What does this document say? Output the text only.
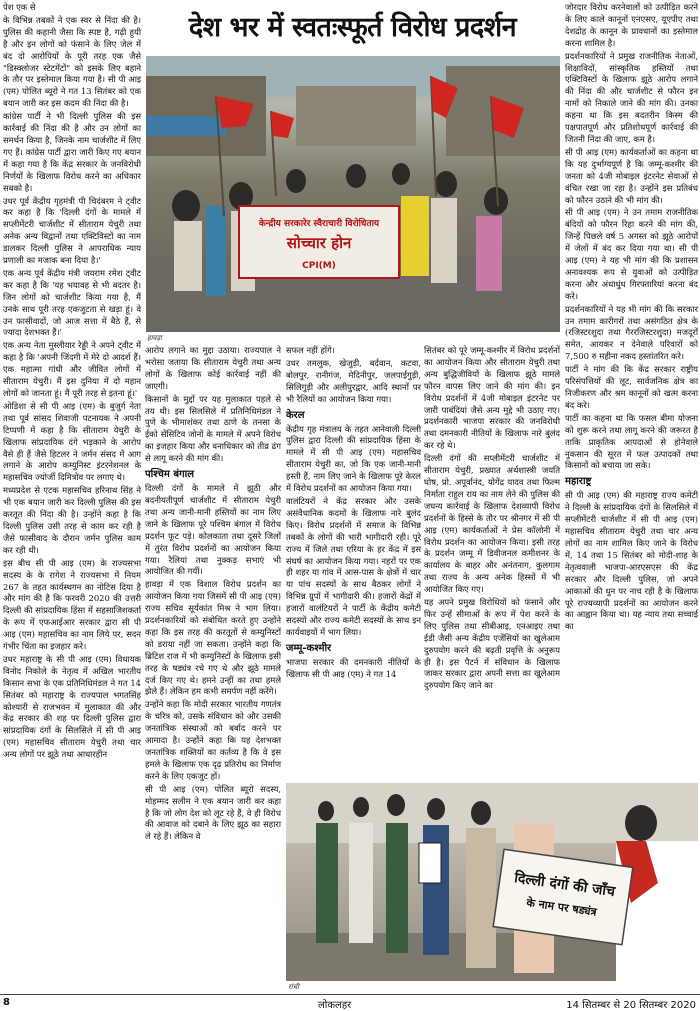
पेश एक से

के विभिन्न तबकों ने एक स्वर से निंदा की है। पुलिस की कहानी जैसा कि स्पष्ट है, गढ़ी हुयी है और इन लोगों को फंसाने के लिए जेल में बंद दो आरोपियों के पूरी तरह एक जैसे "डिस्क्लोजर स्टेटमेंटों" को इसके लिए बहाने के तौर पर इस्तेमाल किया गया है। सी पी आइ (एम) पोलित ब्यूरो ने गत 13 सितंबर को एक बयान जारी कर इस कदम की निंदा की है।

कांग्रेस पार्टी ने भी दिल्ली पुलिस की इस कार्रवाई की निंदा की है और उन लोगों का समर्थन किया है, जिनके नाम चार्जशीट में लिए गए हैं। कांग्रेस पार्टी द्वारा जारी किए गए बयान में कहा गया है कि केंद्र सरकार के जनविरोधी निर्णयों के खिलाफ विरोध करने का अधिकार सबको है।

उधर पूर्व केंद्रीय गृहमंत्री पी चिदंबरम ने ट्वीट कर कहा है कि 'दिल्ली दंगों के मामले में सप्लीमेंटरी चार्जशीट में सीताराम येचुरी तथा अनेक अन्य विद्वानों तथा एक्टिविस्टों का नाम डालकर दिल्ली पुलिस ने आपराधिक न्याय प्रणाली का मजाक बना दिया है।'

एक अन्य पूर्व केंद्रीय मंत्री जयराम रमेश ट्वीट कर कहा है कि 'यह भयावह से भी बदतर है। जिन लोगों को चार्जशीट किया गया है, मैं उनके साथ पूरी तरह एकजुटता से खड़ा हूं। वे उन फासीवादों, जो आज सत्ता में बैठे हैं, से ज्यादा देशभक्त हैं।'

एक अन्य नेता मुस्लीयार रेड्डी ने अपने ट्वीट में कहा है कि 'अपनी जिंदगी में मेरे दो आदर्श हैं। एक महात्मा गांधी और जीवित लोगों में सीताराम येचुरी। मैं इस दुनिया में दो महान लोगों को जानता हूं। मैं पूरी तरह से इतना हूं।'

ओडिशा से सी पी आइ (एम) के बुजुर्ग नेता तथा पूर्व सांसद शिवाजी पटनायक ने अपनी टिप्पणी में कहा है कि सीताराम येचुरी के खिलाफ सांप्रदायिक दंगे भड़काने के आरोप वैसे ही हैं जैसे हिटलर ने जर्मन संसद में आग लगाने के आरोप कम्युनिस्ट इंटरनेशनल के महासचिव ज्योर्जी दिमित्रोव पर लगाए थे।

मध्यप्रदेश से एटक महासचिव हरिनाथ सिंह ने भी एक बयान जारी कर दिल्ली पुलिस की इस करतूत की निंदा की है। उन्होंने कहा है कि दिल्ली पुलिस उसी तरह से काम कर रही है जैसे फासीवाद के दौरान जर्मन पुलिस काम कर रही थी।

इस बीच सी पी आइ (एम) के राज्यसभा सदस्य के के रागेश ने राज्यसभा में नियम 267 के तहत कार्यस्थगन का नोटिस दिया है और मांग की है कि फरवरी 2020 की उत्तरी दिल्ली की सांप्रदायिक हिंसा में सहसाजिशकर्ता के रूप में एफआईआर सरकार द्वारा सी पी आइ (एम) महासचिव का नाम लिये पर, सदन गंभीर चिंता का इजहार करे।

उधर महाराष्ट्र के सी पी आइ (एम) विधायक विनोद निकोले के नेतृत्व में अखिल भारतीय किसान सभा के एक प्रतिनिधिमंडल ने गत 14 सितंबर को महाराष्ट्र के राज्यपाल भगतसिंह कोश्यारी से राजभवन में मुलाकात की और केंद्र सरकार की शह पर दिल्ली पुलिस द्वारा सांप्रदायिक दंगों के सिलसिले में सी पी आइ (एम) महासचिव सीताराम येचुरी तथा चार अन्य लोगों पर झूठे तथा आधारहीन

देश भर में स्वतःस्फूर्त विरोध प्रदर्शन
केन्द्रीय सरकारेर स्वैराचारी विरोधिताय
सोच्चार होन
CPI(M)
हावड़ा

आरोप लगाने का मुद्दा उठाया। राज्यपाल ने भरोसा जताया कि सीताराम येचुरी तथा अन्य लोगों के खिलाफ कोई कार्रवाई नहीं की जाएगी।

किसानों के मुद्दों पर यह मुलाकात पहले से तय थी। इस सिलसिले में प्रतिनिधिमंडल ने पुणे के भीमाशंकर तथा ठाणे के तनसा के ईको सेंसिटिव जोनों के मामले में अपने विरोध का इजहार किया और वनाधिकार को तीव्र ढंग से लागू करने की मांग की।

पश्चिम बंगाल

दिल्ली दंगों के मामले में झूठी और बदनीयतीपूर्ण चार्जशीट में सीताराम येचुरी तथा अन्य जानी-मानी हस्तियों का नाम लिए जाने के खिलाफ पूरे पश्चिम बंगाल में विरोध प्रदर्शन फूट पड़े। कोलकाता तथा दूसरे जिलों में तुरंत विरोध प्रदर्शनों का आयोजन किया गया। रैलियां तथा नुक्कड़ सभाएं भी आयोजित की गयीं।

हावड़ा में एक विशाल विरोध प्रदर्शन का आयोजन किया गया जिसमें सी पी आइ (एम) राज्य सचिव सूर्यकांत मिश्र ने भाग लिया। प्रदर्शनकारियों को संबोधित करते हुए उन्होंने कहा कि इस तरह की करतूतों से कम्युनिस्टों को डराया नहीं जा सकता। उन्होंने कहा कि ब्रिटिश राज में भी कम्युनिस्टों के खिलाफ इसी तरह के षड्यंत्र रचे गए थे और झूठे मामले दर्ज किए गए थे। हमने उन्हीं का तथा हमले झेले हैं। लेकिन हम कभी समर्पण नहीं करेंगे।

उन्होंने कहा कि मोदी सरकार भारतीय गणतंत्र के चरित्र को, उसके संविधान को और उसकी जनतांत्रिक संस्थाओं को बर्बाद करने पर आमादा है। उन्होंने कहा कि यह देशभक्त जनतांत्रिक शक्तियों का कर्तव्य है कि वे इस हमले के खिलाफ एक दृढ़ प्रतिरोध का निर्माण करने के लिए एकजुट हों।

सी पी आइ (एम) पोलित ब्यूरो सदस्य, मोहम्मद सलीम ने एक बयान जारी कर कहा है कि जो लोग देश को लूट रहे हैं, वे ही विरोध की आवाज को दबाने के लिए झूठ का सहारा ले रहे हैं। लेकिन वे

सफल नहीं होंगे।

उधर तमलुक, खेजुड़ी, बर्दवान, कटवा, बोलपुर, रानीगंज, मेदिनीपुर, जलपाईगुड़ी, सिलिगुड़ी और अलीपुरद्वार, आदि स्थानों पर भी रैलियों का आयोजन किया गया।

केरल

केंद्रीय गृह मंत्रालय के तहत आनेवाली दिल्ली पुलिस द्वारा दिल्ली की सांप्रदायिक हिंसा के मामले में सी पी आइ (एम) महासचिव सीताराम येचुरी का, जो कि एक जानी-मानी हस्ती हैं, नाम लिए जाने के खिलाफ पूरे केरल में विरोध प्रदर्शनों का आयोजन किया गया।

वालंटियरों ने केंद्र सरकार और उसके असंवैधानिक कदमों के खिलाफ नारे बुलंद किए। विरोध प्रदर्शनों में समाज के विभिन्न तबकों के लोगों की भारी भागीदारी रही। पूरे राज्य में जिले तथा एरिया के हर केंद्र में इस संघर्ष का आयोजन किया गया। नहरों पर एक ही शहर या गांव में आस-पास के क्षेत्रों में चार या पांच सदस्यों के साथ बैठकर लोगों ने विभिन्न ग्रुपों में भागीदारी की। हजारों केंद्रों में हजारों वालंटियरों ने पार्टी के केंद्रीय कमेटी सदस्यों और राज्य कमेटी सदस्यों के साथ इन कार्यवाइयों में भाग लिया।

जम्मू-कश्मीर

भाजपा सरकार की दमनकारी नीतियों के खिलाफ सी पी आइ (एम) ने गत 14

सितंबर को पूरे जम्मू-कश्मीर में विरोध प्रदर्शनों का आयोजन किया और सीताराम येचुरी तथा अन्य बुद्धिजीवियों के खिलाफ झूठे मामले फौरन वापस लिए जाने की मांग की। इन विरोध प्रदर्शनों में 4जी मोबाइल इंटरनेट पर जारी पाबंदियां जैसे अन्य मुद्दे भी उठाए गए। प्रदर्शनकारी भाजपा सरकार की जनविरोधी तथा दमनकारी नीतियों के खिलाफ नारे बुलंद कर रहे थे।

दिल्ली दंगों की सप्लीमेंटरी चार्जशीट में सीताराम येचुरी, प्रख्यात अर्थशास्त्री जयति घोष, प्रो. अपूर्वानंद, योगेंद्र यादव तथा फिल्म निर्माता राहुल राय का नाम लेने की पुलिस की जघन्य कार्रवाई के खिलाफ देशव्यापी विरोध प्रदर्शनों के हिस्से के तौर पर श्रीनगर में सी पी आइ (एम) कार्यकर्ताओं ने प्रेस कॉलोनी में विरोध प्रदर्शन का आयोजन किया। इसी तरह के प्रदर्शन जम्मू में डिवीजनल कमीशनर के कार्यालय के बाहर और अनंतनाग, कुलगाम तथा राज्य के अन्य अनेक हिस्सों में भी आयोजित किए गए।

यह अपने प्रमुख विरोधियों को फंसाने और फिर उन्हें सीमाओं के रूप में पेश करने के लिए पुलिस तथा सीबीआइ, एनआइए तथा ईडी जैसी अन्य केंद्रीय एजेंसियों का खुलेआम दुरुपयोग करने की बढ़ती प्रवृत्ति के अनुरूप ही है। इस पैटर्न में संविधान के खिलाफ जाकर सरकार द्वारा अपनी सत्ता का खुलेआम दुरुपयोग किए जाने का

जोरदार विरोध करनेवालों को उत्पीड़ित करने के लिए काले कानूनों एनएसए, यूएपीए तथा देशद्रोह के कानून के प्रावधानों का इस्तेमाल करना शामिल है।

प्रदर्शनकारियों ने प्रमुख राजनीतिक नेताओं, शिक्षाविदों, सांस्कृतिक हस्तियों तथा एक्टिविस्टों के खिलाफ झूठे आरोप लगाने की निंदा की और चार्जशीट से फौरन इन नामों को निकाले जाने की मांग की। उनका कहना था कि इस बदतरीन किस्म की पक्षपातपूर्ण और प्रतिशोधपूर्ण कार्रवाई की जितनी निंदा की जाए, कम है।

सी पी आइ (एम) कार्यकर्ताओं का कहना था कि यह दुर्भाग्यपूर्ण है कि जम्मू-कश्मीर की जनता को 4जी मोबाइल इंटरनेट सेवाओं से वंचित रखा जा रहा है। उन्होंने इस प्रतिबंध को फौरन उठाने की भी मांग की।

सी पी आइ (एम) ने उन तमाम राजनीतिक बंदियों को फौरन रिहा करने की मांग की, जिन्हें पिछले वर्ष 5 अगस्त को झूठे आरोपों में जेलों में बंद कर दिया गया था। सी पी आइ (एम) ने यह भी मांग की कि प्रशासन अनावश्यक रूप से युवाओं को उत्पीड़ित करना और अंधाधुंध गिरफ्तारियां करना बंद करे।

प्रदर्शनकारियों ने यह भी मांग की कि सरकार उन तमाम कारीगरों तथा असंगठित क्षेत्र के (रजिस्टरशुदा तथा गैररजिस्टरशुदा) मजदूरों समेत, आयकर न देनेवाले परिवारों को 7,500 रु महीना नकद हस्तांतरित करे।

पार्टी ने मांग की कि केंद्र सरकार राष्ट्रीय परिसंपत्तियों की लूट, सार्वजनिक क्षेत्र का निजीकरण और श्रम कानूनों को खत्म करना बंद करे।

पार्टी का कहना था कि फसल बीमा योजना को शुरू करने तथा लागू करने की जरूरत है ताकि प्राकृतिक आपदाओं से होनेवाले नुकसान की सूरत में फल उत्पादकों तथा किसानों को बचाया जा सके।

महाराष्ट्र

सी पी आइ (एम) की महाराष्ट्र राज्य कमेटी ने दिल्ली के सांप्रदायिक दंगों के सिलसिले में सप्लीमेंटरी चार्जशीट में सी पी आइ (एम) महासचिव सीताराम येचुरी तथा चार अन्य लोगों का नाम शामिल किए जाने के विरोध में, 14 तथा 15 सितंबर को मोदी-शाह के नेतृत्ववाली भाजपा-आरएसएस की केंद्र सरकार और दिल्ली पुलिस, जो अपने आकाओं की धुन पर नाच रही है के खिलाफ पूरे राज्यव्यापी प्रदर्शनों का आयोजन करने का आह्वान किया था। यह न्याय तथा सच्चाई का

दिल्ली दंगों की जाँच
के नाम पर षड्यंत्र
रांची
8	लोकलहर	14 सितम्बर से 20 सितम्बर 2020
